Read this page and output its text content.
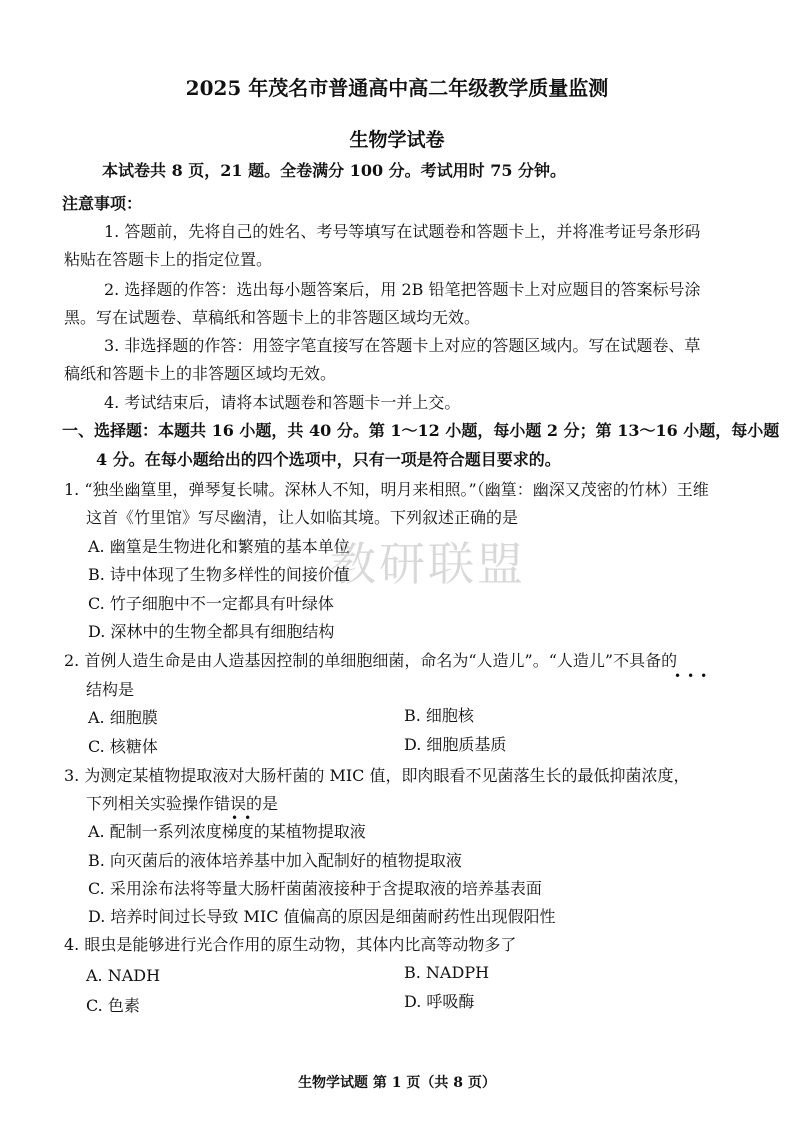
教研联盟
2025 年茂名市普通高中高二年级教学质量监测
生物学试卷
本试卷共 8 页，21 题。全卷满分 100 分。考试用时 75 分钟。
注意事项：
1. 答题前，先将自己的姓名、考号等填写在试题卷和答题卡上，并将准考证号条形码
粘贴在答题卡上的指定位置。
2. 选择题的作答：选出每小题答案后，用 2B 铅笔把答题卡上对应题目的答案标号涂
黑。写在试题卷、草稿纸和答题卡上的非答题区域均无效。
3. 非选择题的作答：用签字笔直接写在答题卡上对应的答题区域内。写在试题卷、草
稿纸和答题卡上的非答题区域均无效。
4. 考试结束后，请将本试题卷和答题卡一并上交。
一、选择题：本题共 16 小题，共 40 分。第 1～12 小题，每小题 2 分；第 13～16 小题，每小题
4 分。在每小题给出的四个选项中，只有一项是符合题目要求的。
1. “独坐幽篁里，弹琴复长啸。深林人不知，明月来相照。”（幽篁：幽深又茂密的竹林）王维
这首《竹里馆》写尽幽清，让人如临其境。下列叙述正确的是
A. 幽篁是生物进化和繁殖的基本单位
B. 诗中体现了生物多样性的间接价值
C. 竹子细胞中不一定都具有叶绿体
D. 深林中的生物全都具有细胞结构
2. 首例人造生命是由人造基因控制的单细胞细菌，命名为“人造儿”。“人造儿”不具备的
•••
结构是
A. 细胞膜	B. 细胞核
C. 核糖体	D. 细胞质基质
3. 为测定某植物提取液对大肠杆菌的 MIC 值，即肉眼看不见菌落生长的最低抑菌浓度，
下列相关实验操作错误的是
••
A. 配制一系列浓度梯度的某植物提取液
B. 向灭菌后的液体培养基中加入配制好的植物提取液
C. 采用涂布法将等量大肠杆菌菌液接种于含提取液的培养基表面
D. 培养时间过长导致 MIC 值偏高的原因是细菌耐药性出现假阳性
4. 眼虫是能够进行光合作用的原生动物，其体内比高等动物多了
A. NADH	B. NADPH
C. 色素	D. 呼吸酶
生物学试题 第 1 页（共 8 页）
